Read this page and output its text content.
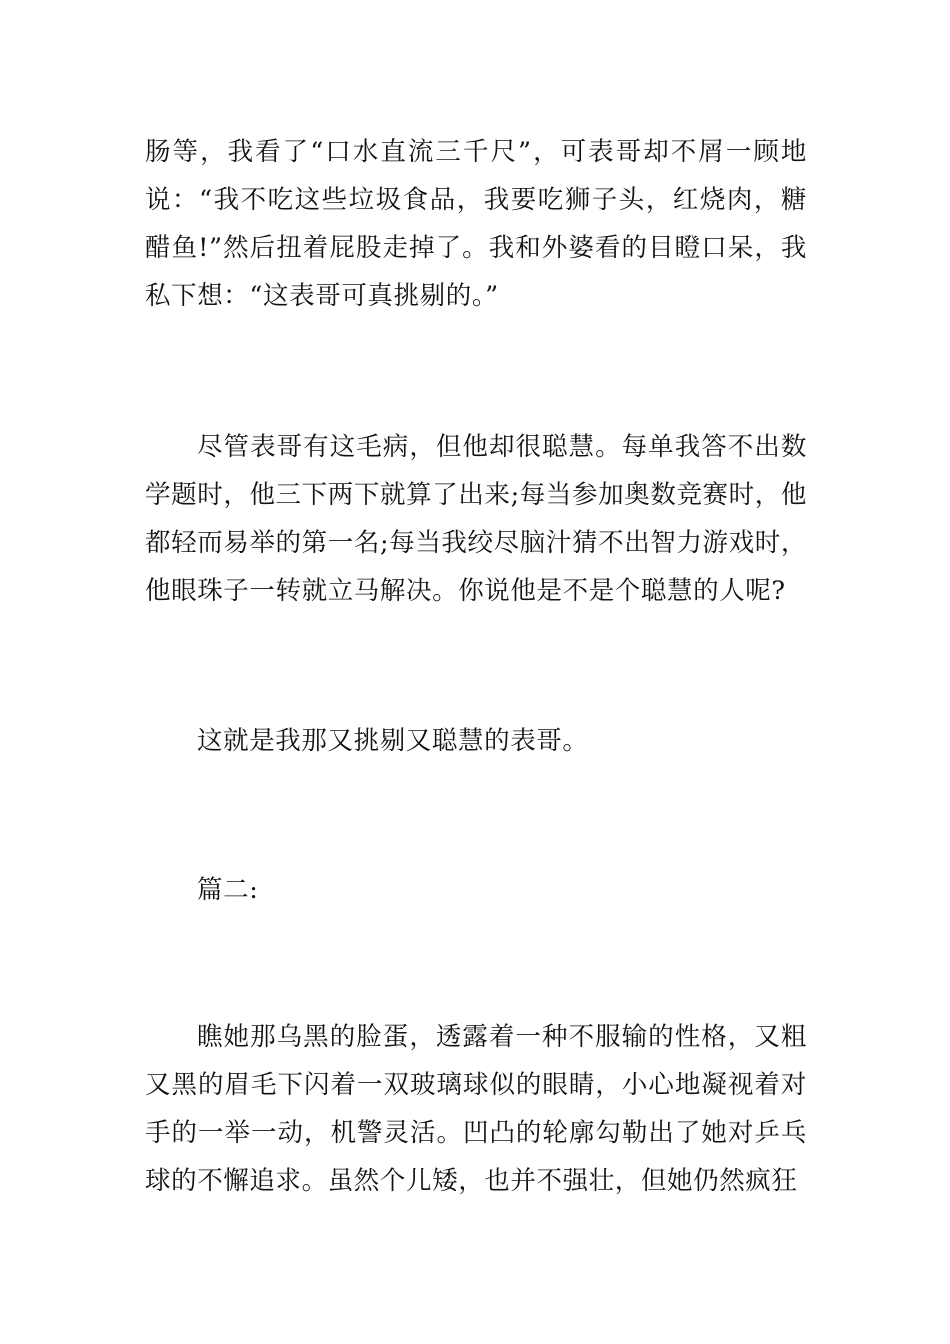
肠等，我看了“口水直流三千尺”，可表哥却不屑一顾地说：“我不吃这些垃圾食品，我要吃狮子头，红烧肉，糖醋鱼!”然后扭着屁股走掉了。我和外婆看的目瞪口呆，我私下想：“这表哥可真挑剔的。”

尽管表哥有这毛病，但他却很聪慧。每单我答不出数学题时，他三下两下就算了出来;每当参加奥数竞赛时，他都轻而易举的第一名;每当我绞尽脑汁猜不出智力游戏时，他眼珠子一转就立马解决。你说他是不是个聪慧的人呢?

这就是我那又挑剔又聪慧的表哥。

篇二:

瞧她那乌黑的脸蛋，透露着一种不服输的性格，又粗又黑的眉毛下闪着一双玻璃球似的眼睛，小心地凝视着对手的一举一动，机警灵活。凹凸的轮廓勾勒出了她对乒乓球的不懈追求。虽然个儿矮，也并不强壮，但她仍然疯狂
